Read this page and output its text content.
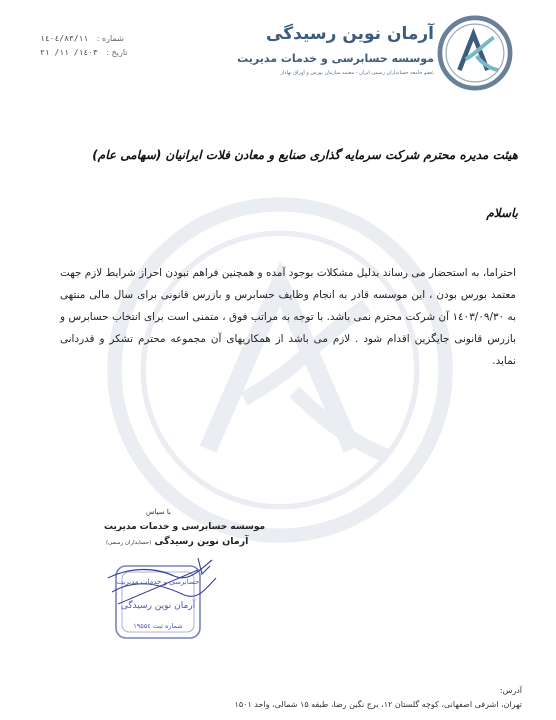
آرمان نوین رسیدگی
موسسه حسابرسی و خدمات مدیریت
عضو جامعه حسابداران رسمی ایران - معتمد سازمان بورس و اوراق بهادار
شماره : ۱٤۰٤/۸۳/۱۱
تاریخ : ۱٤۰۳/ ۱۱/ ۲۱
هیئت مدیره محترم شرکت سرمایه گذاری صنایع و معادن فلات ایرانیان (سهامی عام)
باسلام
احتراما، به استحضار می رساند بدلیل مشکلات بوجود آمده و همچنین فراهم نبودن احراز شرایط لازم جهت معتمد بورس بودن ، این موسسه قادر به انجام وظایف حسابرس و بازرس قانونی برای سال مالی منتهی به ۱٤۰۳/۰۹/۳۰ آن شرکت محترم نمی باشد. با توجه به مراتب فوق ، متمنی است برای انتخاب حسابرس و بازرس قانونی جایگزین اقدام شود . لازم می باشد از همکاریهای آن مجموعه محترم تشکر و قدردانی نماید.
با سپاس
موسسه حسابرسی و خدمات مدیریت
آرمان نوین رسیدگی (حسابداران رسمی)
حسابرسی و خدمات مدیریت
آرمان نوین رسیدگی
شماره ثبت ۱۹۵۵٤
آدرس:
تهران، اشرفی اصفهانی، کوچه گلستان ۱۲، برج نگین رضا، طبقه ۱۵ شمالی، واحد ۱۵۰۱
